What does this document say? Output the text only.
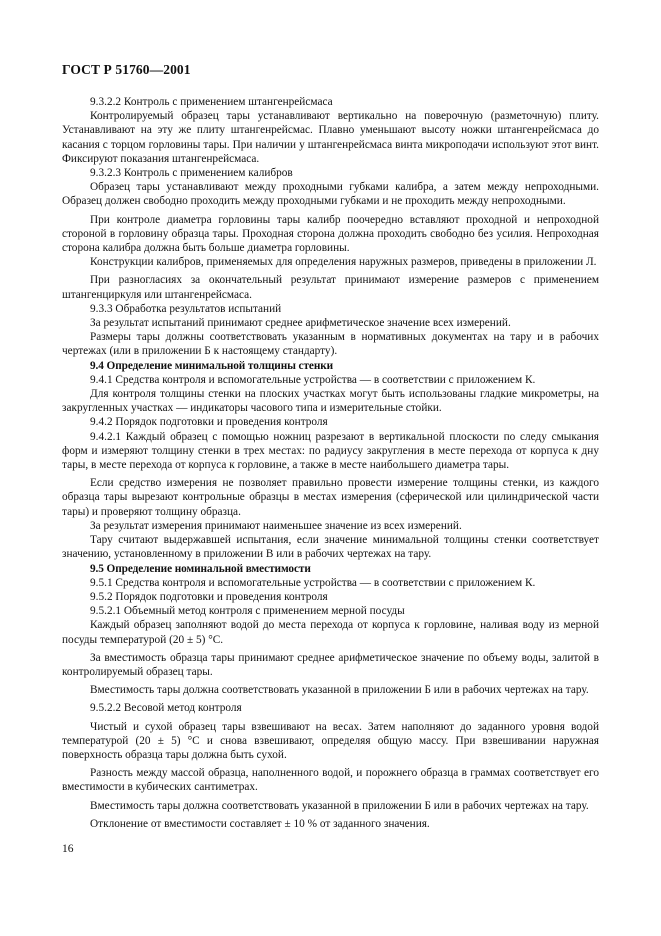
ГОСТ Р 51760—2001

9.3.2.2 Контроль с применением штангенрейсмаса

Контролируемый образец тары устанавливают вертикально на поверочную (разметочную) плиту. Устанавливают на эту же плиту штангенрейсмас. Плавно уменьшают высоту ножки штангенрейсмаса до касания с торцом горловины тары. При наличии у штангенрейсмаса винта микроподачи используют этот винт. Фиксируют показания штангенрейсмаса.

9.3.2.3 Контроль с применением калибров

Образец тары устанавливают между проходными губками калибра, а затем между непроходными. Образец должен свободно проходить между проходными губками и не проходить между непроходными.

При контроле диаметра горловины тары калибр поочередно вставляют проходной и непроходной стороной в горловину образца тары. Проходная сторона должна проходить свободно без усилия. Непроходная сторона калибра должна быть больше диаметра горловины.

Конструкции калибров, применяемых для определения наружных размеров, приведены в приложении Л.

При разногласиях за окончательный результат принимают измерение размеров с применением штангенциркуля или штангенрейсмаса.

9.3.3 Обработка результатов испытаний

За результат испытаний принимают среднее арифметическое значение всех измерений.

Размеры тары должны соответствовать указанным в нормативных документах на тару и в рабочих чертежах (или в приложении Б к настоящему стандарту).

9.4 Определение минимальной толщины стенки

9.4.1 Средства контроля и вспомогательные устройства — в соответствии с приложением К.

Для контроля толщины стенки на плоских участках могут быть использованы гладкие микрометры, на закругленных участках — индикаторы часового типа и измерительные стойки.

9.4.2 Порядок подготовки и проведения контроля

9.4.2.1 Каждый образец с помощью ножниц разрезают в вертикальной плоскости по следу смыкания форм и измеряют толщину стенки в трех местах: по радиусу закругления в месте перехода от корпуса к дну тары, в месте перехода от корпуса к горловине, а также в месте наибольшего диаметра тары.

Если средство измерения не позволяет правильно провести измерение толщины стенки, из каждого образца тары вырезают контрольные образцы в местах измерения (сферической или цилиндрической части тары) и проверяют толщину образца.

За результат измерения принимают наименьшее значение из всех измерений.

Тару считают выдержавшей испытания, если значение минимальной толщины стенки соответствует значению, установленному в приложении В или в рабочих чертежах на тару.

9.5 Определение номинальной вместимости

9.5.1 Средства контроля и вспомогательные устройства — в соответствии с приложением К.

9.5.2 Порядок подготовки и проведения контроля

9.5.2.1 Объемный метод контроля с применением мерной посуды

Каждый образец заполняют водой до места перехода от корпуса к горловине, наливая воду из мерной посуды температурой (20 ± 5) °С.

За вместимость образца тары принимают среднее арифметическое значение по объему воды, залитой в контролируемый образец тары.

Вместимость тары должна соответствовать указанной в приложении Б или в рабочих чертежах на тару.

9.5.2.2 Весовой метод контроля

Чистый и сухой образец тары взвешивают на весах. Затем наполняют до заданного уровня водой температурой (20 ± 5) °С и снова взвешивают, определяя общую массу. При взвешивании наружная поверхность образца тары должна быть сухой.

Разность между массой образца, наполненного водой, и порожнего образца в граммах соответствует его вместимости в кубических сантиметрах.

Вместимость тары должна соответствовать указанной в приложении Б или в рабочих чертежах на тару.

Отклонение от вместимости составляет ± 10 % от заданного значения.

16
